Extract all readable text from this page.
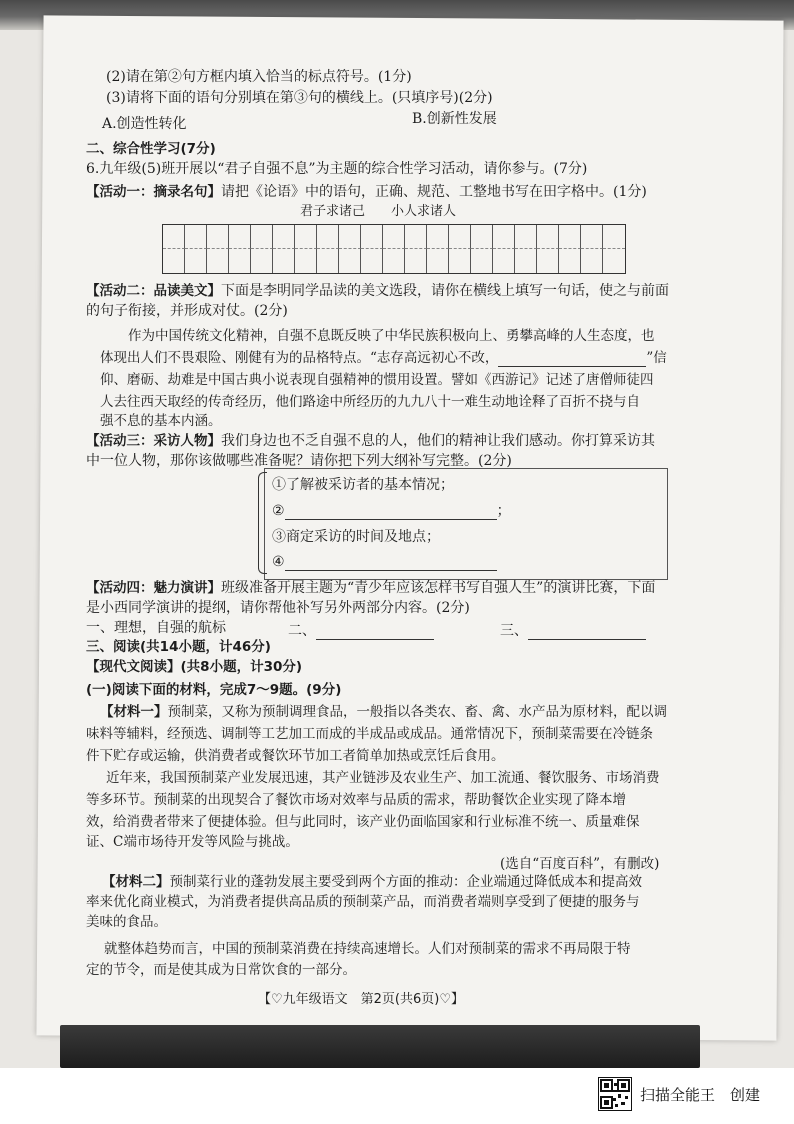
(2)请在第②句方框内填入恰当的标点符号。(1分)
(3)请将下面的语句分别填在第③句的横线上。(只填序号)(2分)
A.创造性转化	B.创新性发展
二、综合性学习(7分)
6.九年级(5)班开展以“君子自强不息”为主题的综合性学习活动，请你参与。(7分)
【活动一：摘录名句】请把《论语》中的语句，正确、规范、工整地书写在田字格中。(1分)
君子求诸己　　小人求诸人
【活动二：品读美文】下面是李明同学品读的美文选段，请你在横线上填写一句话，使之与前面
的句子衔接，并形成对仗。(2分)
作为中国传统文化精神，自强不息既反映了中华民族积极向上、勇攀高峰的人生态度，也
体现出人们不畏艰险、刚健有为的品格特点。“志存高远初心不改，	”信
仰、磨砺、劫难是中国古典小说表现自强精神的惯用设置。譬如《西游记》记述了唐僧师徒四
人去往西天取经的传奇经历，他们路途中所经历的九九八十一难生动地诠释了百折不挠与自
强不息的基本内涵。
【活动三：采访人物】我们身边也不乏自强不息的人，他们的精神让我们感动。你打算采访其
中一位人物，那你该做哪些准备呢？请你把下列大纲补写完整。(2分)
①了解被采访者的基本情况；
②	；
③商定采访的时间及地点；
④
【活动四：魅力演讲】班级准备开展主题为“青少年应该怎样书写自强人生”的演讲比赛，下面
是小西同学演讲的提纲，请你帮他补写另外两部分内容。(2分)
一、理想，自强的航标	二、	三、
三、阅读(共14小题，计46分)
【现代文阅读】(共8小题，计30分)
(一)阅读下面的材料，完成7～9题。(9分)
【材料一】预制菜，又称为预制调理食品，一般指以各类农、畜、禽、水产品为原材料，配以调
味料等辅料，经预选、调制等工艺加工而成的半成品或成品。通常情况下，预制菜需要在冷链条
件下贮存或运输，供消费者或餐饮环节加工者简单加热或烹饪后食用。
近年来，我国预制菜产业发展迅速，其产业链涉及农业生产、加工流通、餐饮服务、市场消费
等多环节。预制菜的出现契合了餐饮市场对效率与品质的需求，帮助餐饮企业实现了降本增
效，给消费者带来了便捷体验。但与此同时，该产业仍面临国家和行业标准不统一、质量难保
证、C端市场待开发等风险与挑战。
(选自“百度百科”，有删改)
【材料二】预制菜行业的蓬勃发展主要受到两个方面的推动：企业端通过降低成本和提高效
率来优化商业模式，为消费者提供高品质的预制菜产品，而消费者端则享受到了便捷的服务与
美味的食品。
就整体趋势而言，中国的预制菜消费在持续高速增长。人们对预制菜的需求不再局限于特
定的节令，而是使其成为日常饮食的一部分。
【♡九年级语文　第2页(共6页)♡】
扫描全能王　创建
